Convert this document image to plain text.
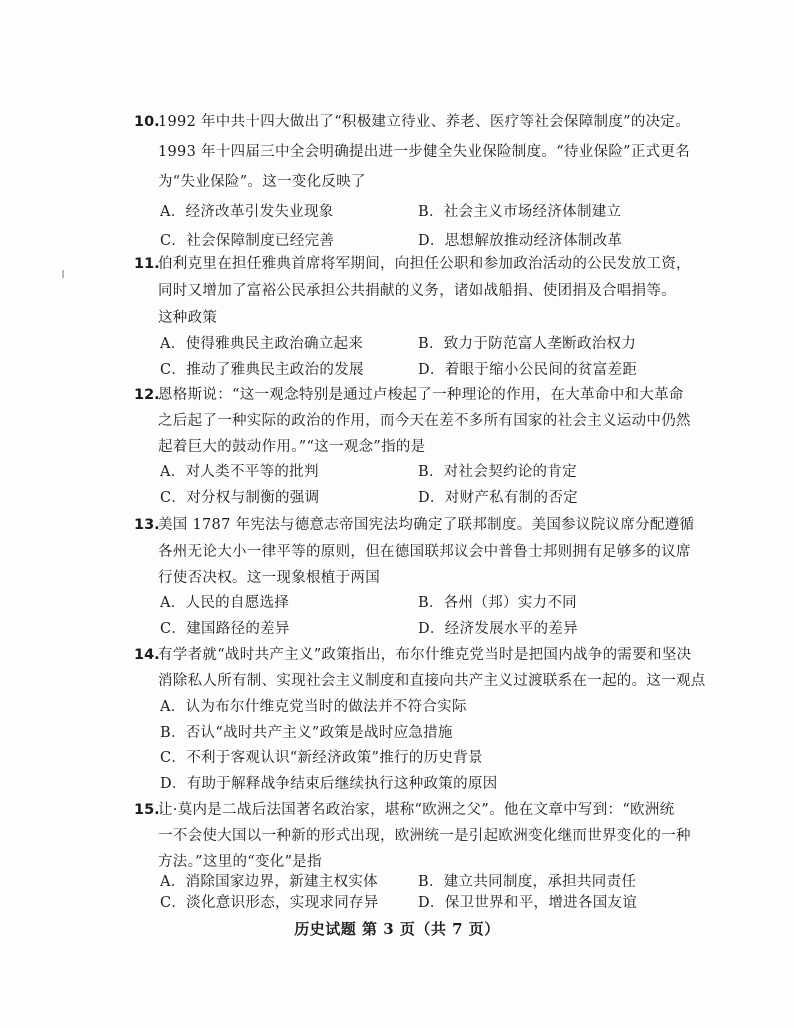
10.
1992 年中共十四大做出了“积极建立待业、养老、医疗等社会保障制度”的决定。
1993 年十四届三中全会明确提出进一步健全失业保险制度。“待业保险”正式更名
为“失业保险”。这一变化反映了
A．经济改革引发失业现象	B．社会主义市场经济体制建立
C．社会保障制度已经完善	D．思想解放推动经济体制改革
11.
伯利克里在担任雅典首席将军期间，向担任公职和参加政治活动的公民发放工资，
同时又增加了富裕公民承担公共捐献的义务，诸如战船捐、使团捐及合唱捐等。
这种政策
A．使得雅典民主政治确立起来	B．致力于防范富人垄断政治权力
C．推动了雅典民主政治的发展	D．着眼于缩小公民间的贫富差距
12.
恩格斯说：“这一观念特别是通过卢梭起了一种理论的作用，在大革命中和大革命
之后起了一种实际的政治的作用，而今天在差不多所有国家的社会主义运动中仍然
起着巨大的鼓动作用。”“这一观念”指的是
A．对人类不平等的批判	B．对社会契约论的肯定
C．对分权与制衡的强调	D．对财产私有制的否定
13.
美国 1787 年宪法与德意志帝国宪法均确定了联邦制度。美国参议院议席分配遵循
各州无论大小一律平等的原则，但在德国联邦议会中普鲁士邦则拥有足够多的议席
行使否决权。这一现象根植于两国
A．人民的自愿选择	B．各州（邦）实力不同
C．建国路径的差异	D．经济发展水平的差异
14.
有学者就“战时共产主义”政策指出，布尔什维克党当时是把国内战争的需要和坚决
消除私人所有制、实现社会主义制度和直接向共产主义过渡联系在一起的。这一观点
A．认为布尔什维克党当时的做法并不符合实际
B．否认“战时共产主义”政策是战时应急措施
C．不利于客观认识“新经济政策”推行的历史背景
D．有助于解释战争结束后继续执行这种政策的原因
15.
让·莫内是二战后法国著名政治家，堪称“欧洲之父”。他在文章中写到：“欧洲统
一不会使大国以一种新的形式出现，欧洲统一是引起欧洲变化继而世界变化的一种
方法。”这里的“变化”是指
A．消除国家边界，新建主权实体	B．建立共同制度，承担共同责任
C．淡化意识形态，实现求同存异	D．保卫世界和平，增进各国友谊
历史试题 第 3 页（共 7 页）
